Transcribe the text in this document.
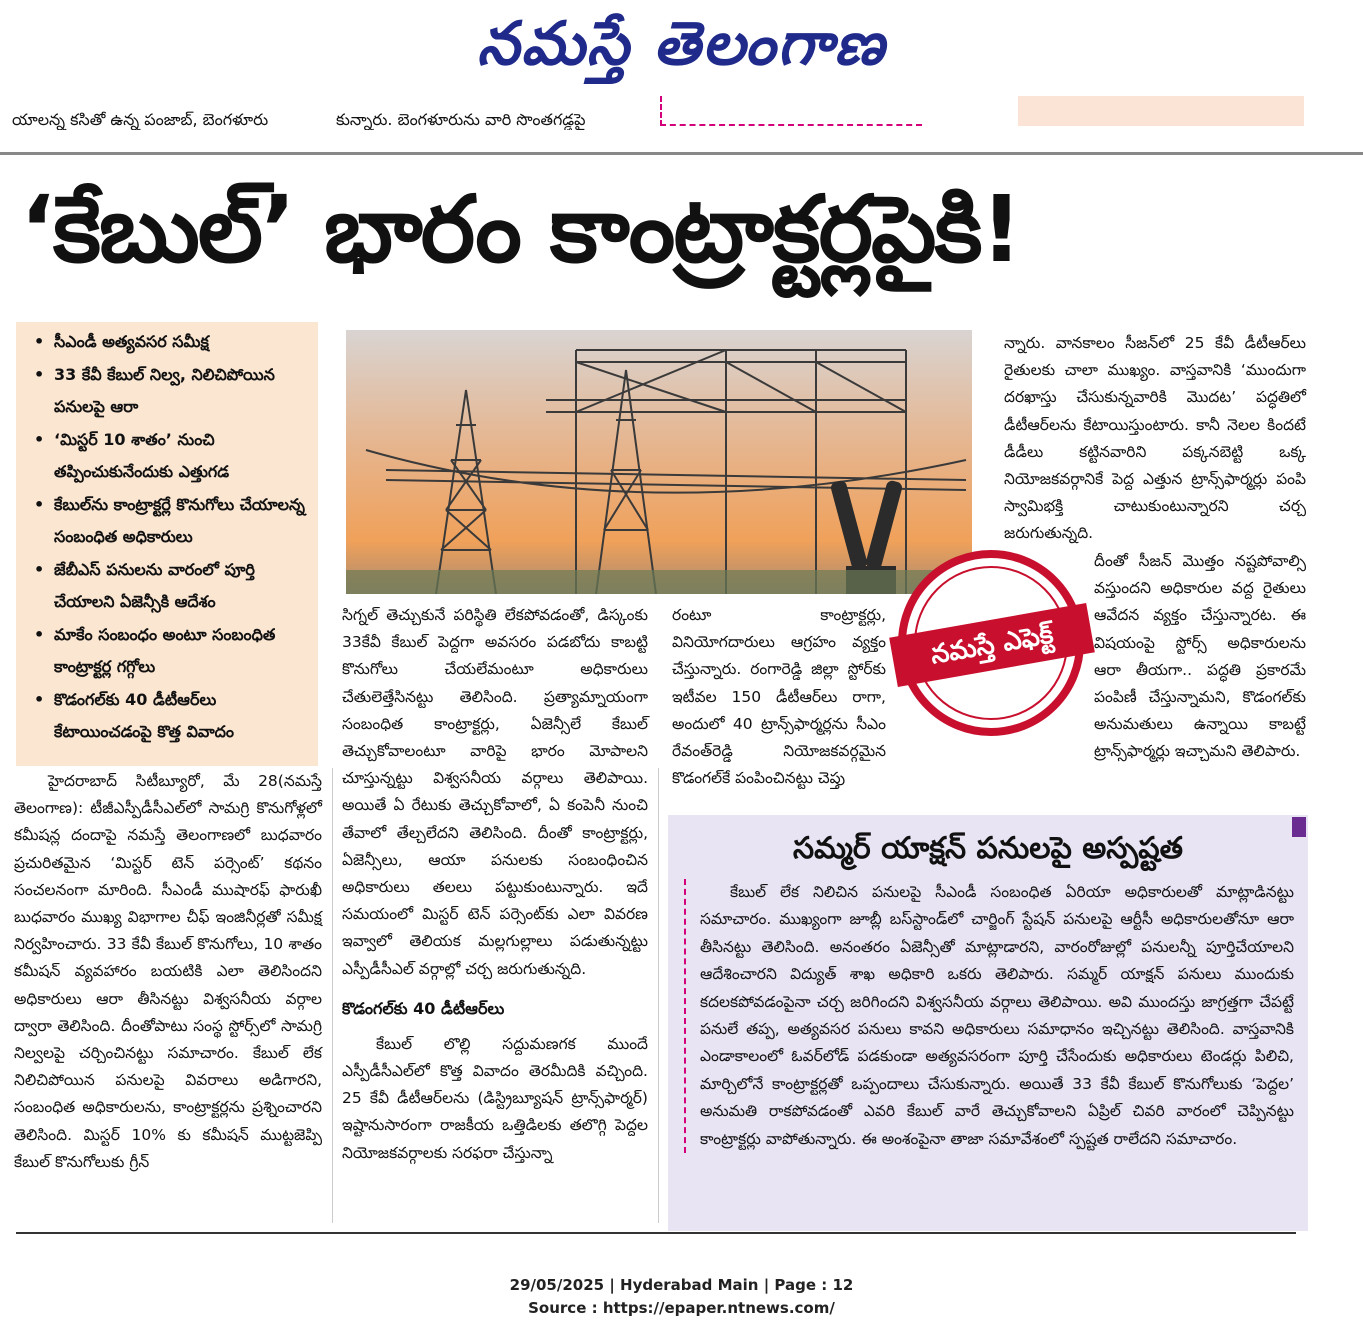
నమస్తే తెలంగాణ
యాలన్న కసితో ఉన్న పంజాబ్‌, బెంగళూరు	కున్నారు. బెంగళూరును వారి సొంతగడ్డపై
‘కేబుల్‌’ భారం కాంట్రాక్టర్లపైకి!
• సీఎండీ అత్యవసర సమీక్ష
• 33 కేవీ కేబుల్‌ నిల్వ, నిలిచిపోయిన పనులపై ఆరా
• ‘మిస్టర్‌ 10 శాతం’ నుంచి తప్పించుకునేందుకు ఎత్తుగడ
• కేబుల్‌ను కాంట్రాక్టర్లే కొనుగోలు చేయాలన్న సంబంధిత అధికారులు
• జేబీఎస్‌ పనులను వారంలో పూర్తి చేయాలని ఏజెన్సీకి ఆదేశం
• మాకేం సంబంధం అంటూ సంబంధిత కాంట్రాక్టర్ల గగ్గోలు
• కొడంగల్‌కు 40 డీటీఆర్‌లు కేటాయించడంపై కొత్త వివాదం
నమస్తే ఎఫెక్ట్‌

హైదరాబాద్‌ సిటీబ్యూరో, మే 28(నమస్తే తెలంగాణ): టీజీఎస్పీడీసీఎల్‌లో సామగ్రి కొనుగోళ్లలో కమీషన్ల దందాపై నమస్తే తెలంగాణలో బుధవారం ప్రచురితమైన ‘మిస్టర్‌ టెన్‌ పర్సెంట్‌’ కథనం సంచలనంగా మారింది. సీఎండీ ముషారఫ్‌ ఫారుఖీ బుధవారం ముఖ్య విభాగాల చీఫ్‌ ఇంజినీర్లతో సమీక్ష నిర్వహించారు. 33 కేవీ కేబుల్‌ కొనుగోలు, 10 శాతం కమీషన్‌ వ్యవహారం బయటికి ఎలా తెలిసిందని అధికారులు ఆరా తీసినట్టు విశ్వసనీయ వర్గాల ద్వారా తెలిసింది. దీంతోపాటు సంస్థ స్టోర్స్‌లో సామగ్రి నిల్వలపై చర్చించినట్టు సమాచారం. కేబుల్‌ లేక నిలిచిపోయిన పనులపై వివరాలు అడిగారని, సంబంధిత అధికారులను, కాంట్రాక్టర్లను ప్రశ్నించారని తెలిసింది. మిస్టర్‌ 10% కు కమీషన్‌ ముట్టజెప్పి కేబుల్‌ కొనుగోలుకు గ్రీన్‌

సిగ్నల్‌ తెచ్చుకునే పరిస్థితి లేకపోవడంతో, డిస్కంకు 33కేవీ కేబుల్‌ పెద్దగా అవసరం పడబోదు కాబట్టి కొనుగోలు చేయలేమంటూ అధికారులు చేతులెత్తేసినట్టు తెలిసింది. ప్రత్యామ్నాయంగా సంబంధిత కాంట్రాక్టర్లు, ఏజెన్సీలే కేబుల్‌ తెచ్చుకోవాలంటూ వారిపై భారం మోపాలని చూస్తున్నట్టు విశ్వసనీయ వర్గాలు తెలిపాయి. అయితే ఏ రేటుకు తెచ్చుకోవాలో, ఏ కంపెనీ నుంచి తేవాలో తేల్చలేదని తెలిసింది. దీంతో కాంట్రాక్టర్లు, ఏజెన్సీలు, ఆయా పనులకు సంబంధించిన అధికారులు తలలు పట్టుకుంటున్నారు. ఇదే సమయంలో మిస్టర్‌ టెన్‌ పర్సెంట్‌కు ఎలా వివరణ ఇవ్వాలో తెలియక మల్లగుల్లాలు పడుతున్నట్టు ఎస్పీడీసీఎల్‌ వర్గాల్లో చర్చ జరుగుతున్నది.

కొడంగల్‌కు 40 డీటీఆర్‌లు

కేబుల్‌ లొల్లి సద్దుమణగక ముందే ఎస్పీడీసీఎల్‌లో కొత్త వివాదం తెరమీదికి వచ్చింది. 25 కేవీ డీటీఆర్‌లను (డిస్ట్రిబ్యూషన్‌ ట్రాన్స్‌ఫార్మర్‌) ఇష్టానుసారంగా రాజకీయ ఒత్తిడిలకు తలొగ్గి పెద్దల నియోజకవర్గాలకు సరఫరా చేస్తున్నా

రంటూ కాంట్రాక్టర్లు, వినియోగదారులు ఆగ్రహం వ్యక్తం చేస్తున్నారు. రంగారెడ్డి జిల్లా స్టోర్‌కు ఇటీవల 150 డీటీఆర్‌లు రాగా, అందులో 40 ట్రాన్స్‌ఫార్మర్లను సీఎం రేవంత్‌రెడ్డి నియోజకవర్గమైన కొడంగల్‌కే పంపించినట్టు చెప్తు

న్నారు. వానకాలం సీజన్‌లో 25 కేవీ డీటీఆర్‌లు రైతులకు చాలా ముఖ్యం. వాస్తవానికి ‘ముందుగా దరఖాస్తు చేసుకున్నవారికి మొదట’ పద్ధతిలో డీటీఆర్‌లను కేటాయిస్తుంటారు. కానీ నెలల కిందటే డీడీలు కట్టినవారిని పక్కనబెట్టి ఒక్క నియోజకవర్గానికే పెద్ద ఎత్తున ట్రాన్స్‌ఫార్మర్లు పంపి స్వామిభక్తి చాటుకుంటున్నారని చర్చ జరుగుతున్నది.

దీంతో సీజన్‌ మొత్తం నష్టపోవాల్సి వస్తుందని అధికారుల వద్ద రైతులు ఆవేదన వ్యక్తం చేస్తున్నారట. ఈ విషయంపై స్టోర్స్‌ అధికారులను ఆరా తీయగా.. పద్ధతి ప్రకారమే పంపిణీ చేస్తున్నామని, కొడంగల్‌కు అనుమతులు ఉన్నాయి కాబట్టే ట్రాన్స్‌ఫార్మర్లు ఇచ్చామని తెలిపారు.

సమ్మర్‌ యాక్షన్‌ పనులపై అస్పష్టత

కేబుల్‌ లేక నిలిచిన పనులపై సీఎండీ సంబంధిత ఏరియా అధికారులతో మాట్లాడినట్టు సమాచారం. ముఖ్యంగా జూబ్లీ బస్‌స్టాండ్‌లో చార్జింగ్‌ స్టేషన్‌ పనులపై ఆర్టీసీ అధికారులతోనూ ఆరా తీసినట్టు తెలిసింది. అనంతరం ఏజెన్సీతో మాట్లాడారని, వారంరోజుల్లో పనులన్నీ పూర్తిచేయాలని ఆదేశించారని విద్యుత్‌ శాఖ అధికారి ఒకరు తెలిపారు. సమ్మర్‌ యాక్షన్‌ పనులు ముందుకు కదలకపోవడంపైనా చర్చ జరిగిందని విశ్వసనీయ వర్గాలు తెలిపాయి. అవి ముందస్తు జాగ్రత్తగా చేపట్టే పనులే తప్ప, అత్యవసర పనులు కావని అధికారులు సమాధానం ఇచ్చినట్టు తెలిసింది. వాస్తవానికి ఎండాకాలంలో ఓవర్‌లోడ్‌ పడకుండా అత్యవసరంగా పూర్తి చేసేందుకు అధికారులు టెండర్లు పిలిచి, మార్చిలోనే కాంట్రాక్టర్లతో ఒప్పందాలు చేసుకున్నారు. అయితే 33 కేవీ కేబుల్‌ కొనుగోలుకు ‘పెద్దల’ అనుమతి రాకపోవడంతో ఎవరి కేబుల్‌ వారే తెచ్చుకోవాలని ఏప్రిల్‌ చివరి వారంలో చెప్పినట్టు కాంట్రాక్టర్లు వాపోతున్నారు. ఈ అంశంపైనా తాజా సమావేశంలో స్పష్టత రాలేదని సమాచారం.

29/05/2025 | Hyderabad Main | Page : 12
Source : https://epaper.ntnews.com/
